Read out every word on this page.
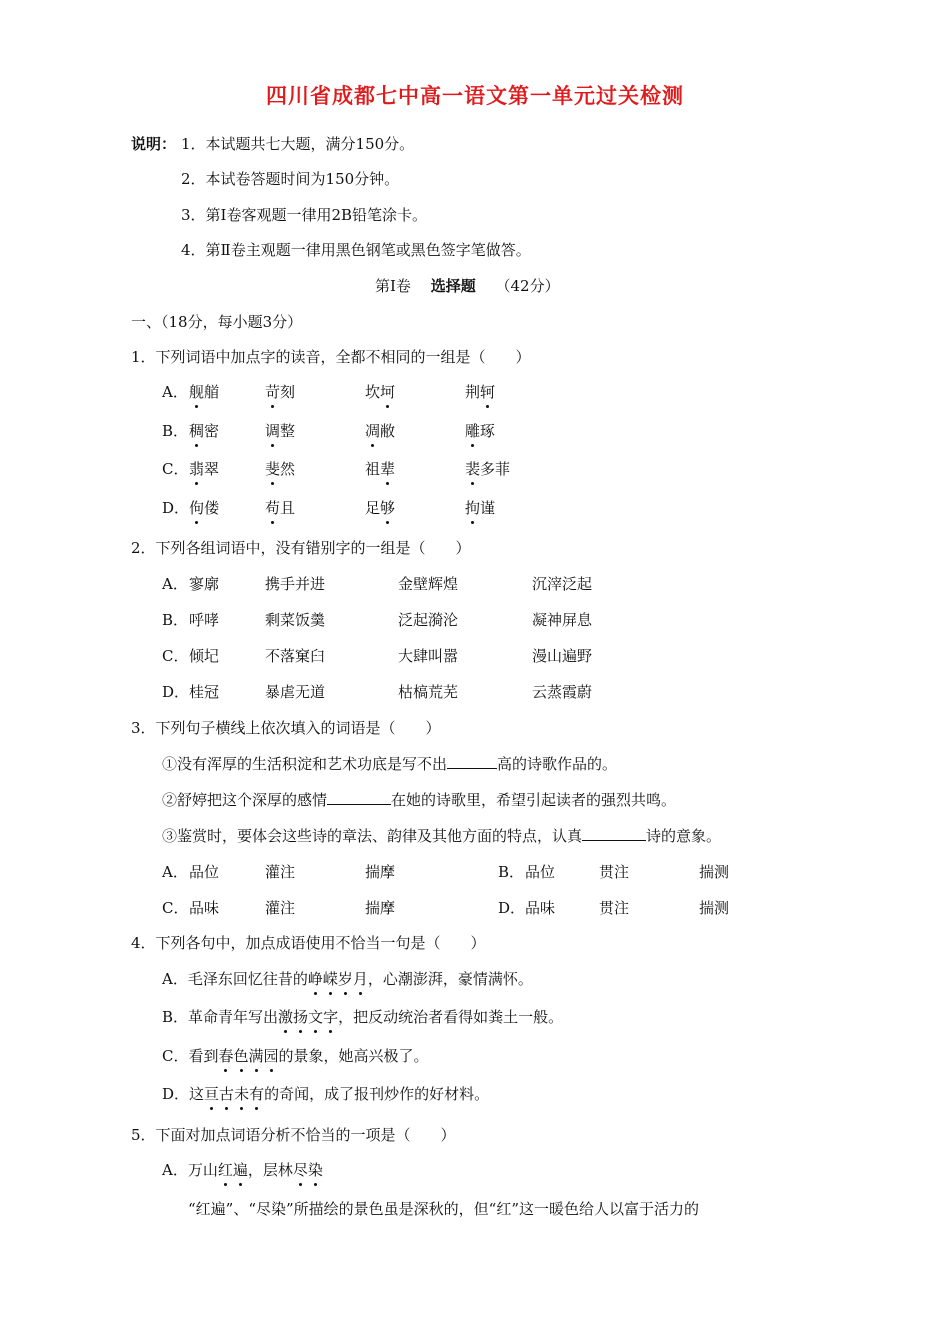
四川省成都七中高一语文第一单元过关检测
说明： 1．本试题共七大题，满分150分。
2．本试卷答题时间为150分钟。
3．第Ⅰ卷客观题一律用2B铅笔涂卡。
4．第Ⅱ卷主观题一律用黑色钢笔或黑色签字笔做答。
第Ⅰ卷　 选择题　 （42分）
一、（18分，每小题3分）
1．下列词语中加点字的读音，全都不相同的一组是（　　）
A． 舰艏	苛刻	坎坷	荆轲
B． 稠密	调整	凋敝	雕琢
C． 翡翠	斐然	祖辈	裴多菲
D． 佝偻	苟且	足够	拘谨
2．下列各组词语中，没有错别字的一组是（　　）
A． 寥廓	携手并进	金壁辉煌	沉滓泛起
B． 呼哮	剩菜饭羹	泛起漪沦	凝神屏息
C． 倾圮	不落窠臼	大肆叫嚣	漫山遍野
D． 桂冠	暴虐无道	枯槁荒芜	云蒸霞蔚
3．下列句子横线上依次填入的词语是（　　）
①没有浑厚的生活积淀和艺术功底是写不出	高的诗歌作品的。
②舒婷把这个深厚的感情	在她的诗歌里，希望引起读者的强烈共鸣。
③鉴赏时，要体会这些诗的章法、韵律及其他方面的特点，认真	诗的意象。
A． 品位	灌注	揣摩	B． 品位	贯注	揣测
C． 品味	灌注	揣摩	D． 品味	贯注	揣测
4．下列各句中，加点成语使用不恰当一句是（　　）
A．毛泽东回忆往昔的峥嵘岁月，心潮澎湃，豪情满怀。
B．革命青年写出激扬文字，把反动统治者看得如粪土一般。
C．看到春色满园的景象，她高兴极了。
D．这亘古未有的奇闻，成了报刊炒作的好材料。
5．下面对加点词语分析不恰当的一项是（　　）
A．万山红遍，层林尽染
“红遍”、“尽染”所描绘的景色虽是深秋的，但“红”这一暖色给人以富于活力的
